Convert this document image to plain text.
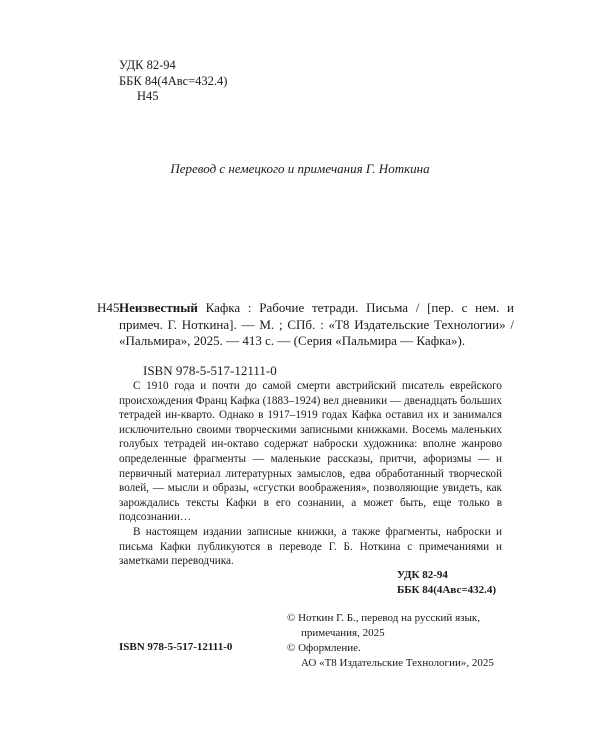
УДК 82-94
ББК 84(4Авс=432.4)
Н45
Перевод с немецкого и примечания Г. Ноткина
Н45 Неизвестный Кафка : Рабочие тетради. Письма / [пер. с нем. и примеч. Г. Ноткина]. — М. ; СПб. : «Т8 Издательские Технологии» / «Пальмира», 2025. — 413 с. — (Серия «Пальмира — Кафка»).
ISBN 978-5-517-12111-0

С 1910 года и почти до самой смерти австрийский писатель еврейского происхождения Франц Кафка (1883–1924) вел дневники — двенадцать больших тетрадей ин-кварто. Однако в 1917–1919 годах Кафка оставил их и занимался исключительно своими творческими записными книжками. Восемь маленьких голубых тетрадей ин-октаво содержат наброски художника: вполне жанрово определенные фрагменты — маленькие рассказы, притчи, афоризмы — и первичный материал литературных замыслов, едва обработанный творческой волей, — мысли и образы, «сгустки воображения», позволяющие увидеть, как зарождались тексты Кафки в его сознании, а может быть, еще только в подсознании…

В настоящем издании записные книжки, а также фрагменты, наброски и письма Кафки публикуются в переводе Г. Б. Ноткина с примечаниями и заметками переводчика.

УДК 82-94
ББК 84(4Авс=432.4)
© Ноткин Г. Б., перевод на русский язык,
примечания, 2025
© Оформление.
АО «Т8 Издательские Технологии», 2025
ISBN 978-5-517-12111-0
